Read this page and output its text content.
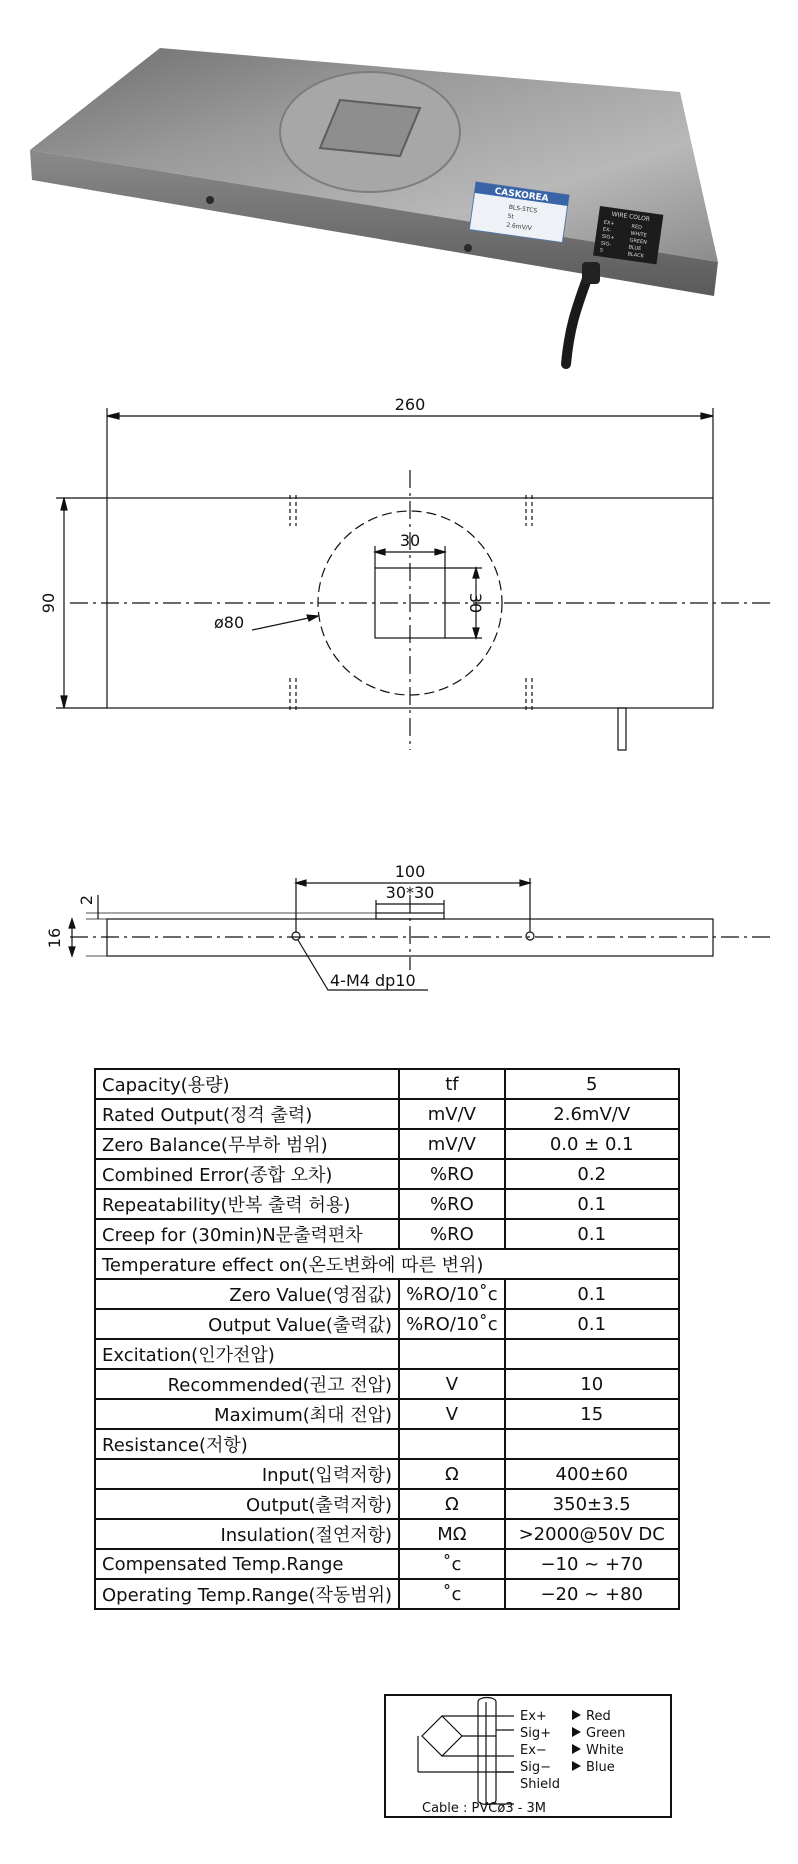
CASKOREA
BLS-5TCS
5t
2.6mV/V
WIRE COLOR
EX+
RED
EX-
WHITE
SIG+
GREEN
SIG-
BLUE
S
BLACK
260
90
30
30
ø80
100
30*30
2
16
4-M4 dp10
Capacity(용량)	tf	5
Rated Output(정격 출력)	mV/V	2.6mV/V
Zero Balance(무부하 범위)	mV/V	0.0 ± 0.1
Combined Error(종합 오차)	%RO	0.2
Repeatability(반복 출력 허용)	%RO	0.1
Creep for (30min)N문출력편차	%RO	0.1
Temperature effect on(온도변화에 따른 변위)		
Zero Value(영점값)	%RO/10˚c	0.1
Output Value(출력값)	%RO/10˚c	0.1
Excitation(인가전압)		
Recommended(권고 전압)	V	10
Maximum(최대 전압)	V	15
Resistance(저항)		
Input(입력저항)	Ω	400±60
Output(출력저항)	Ω	350±3.5
Insulation(절연저항)	MΩ	>2000@50V DC
Compensated Temp.Range	˚c	−10 ~ +70
Operating Temp.Range(작동범위)	˚c	−20 ~ +80
Ex+	Red
Sig+	Green
Ex−	White
Sig−	Blue
Shield
Cable : PVCø3 - 3M
